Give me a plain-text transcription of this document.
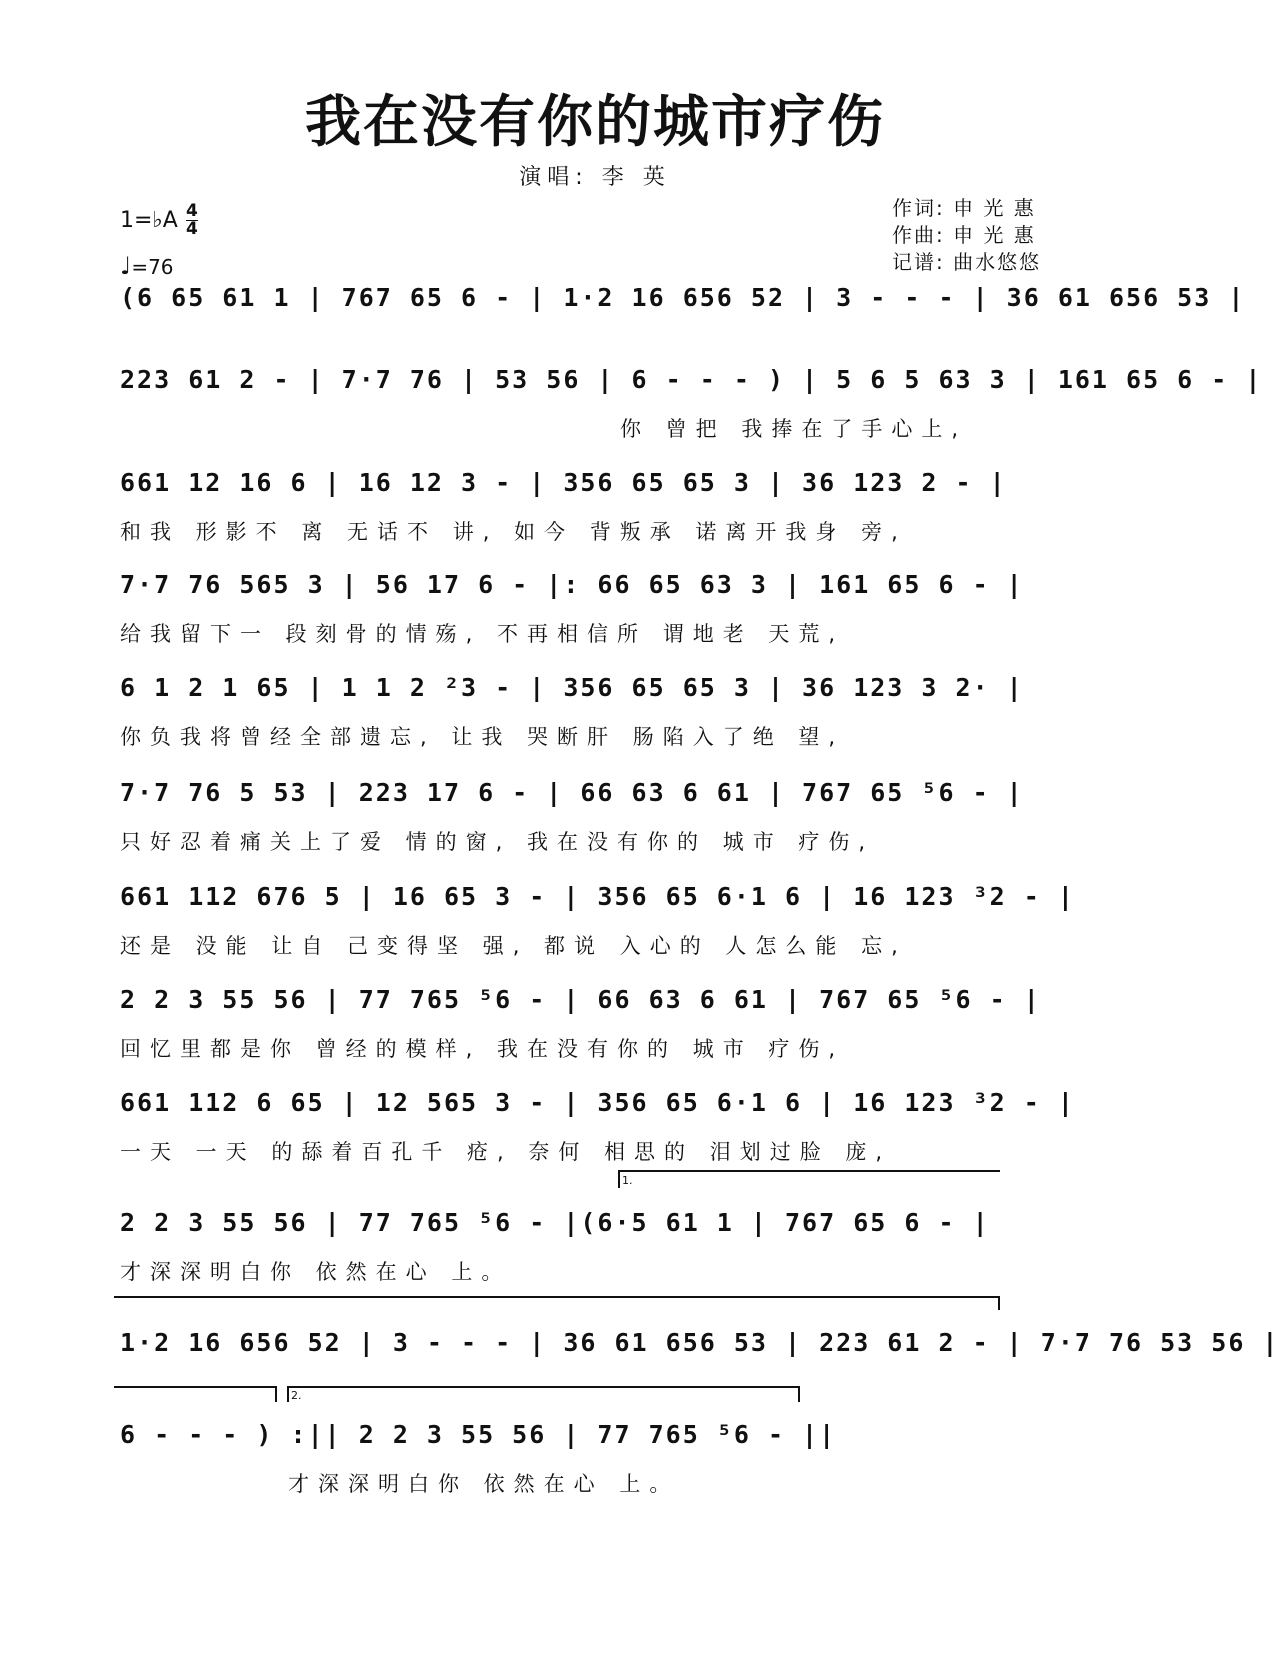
我在没有你的城市疗伤
演唱: 李 英
1=♭A 4
4
♩=76
作词: 申 光 惠
作曲: 申 光 惠
记谱: 曲水悠悠
(6 65 61 1 | 767 65 6 - | 1·2 16 656 52 | 3 - - - | 36 61 656 53 |
223 61 2 - | 7·7 76 | 53 56 | 6 - - - ) | 5 6 5 63 3 | 161 65 6 - |
你 曾把 我捧在了手心上,
661 12 16 6 | 16 12 3 - | 356 65 65 3 | 36 123 2 - |
和我 形影不 离 无话不 讲, 如今 背叛承 诺离开我身 旁,
7·7 76 565 3 | 56 17 6 - |: 66 65 63 3 | 161 65 6 - |
给我留下一 段刻骨的情殇, 不再相信所 谓地老 天荒,
6 1 2 1 65 | 1 1 2 ²3 - | 356 65 65 3 | 36 123 3 2· |
你负我将曾经全部遗忘, 让我 哭断肝 肠陷入了绝 望,
7·7 76 5 53 | 223 17 6 - | 66 63 6 61 | 767 65 ⁵6 - |
只好忍着痛关上了爱 情的窗, 我在没有你的 城市 疗伤,
661 112 676 5 | 16 65 3 - | 356 65 6·1 6 | 16 123 ³2 - |
还是 没能 让自 己变得坚 强, 都说 入心的 人怎么能 忘,
2 2 3 55 56 | 77 765 ⁵6 - | 66 63 6 61 | 767 65 ⁵6 - |
回忆里都是你 曾经的模样, 我在没有你的 城市 疗伤,
661 112 6 65 | 12 565 3 - | 356 65 6·1 6 | 16 123 ³2 - |
一天 一天 的舔着百孔千 疮, 奈何 相思的 泪划过脸 庞,
1.
2 2 3 55 56 | 77 765 ⁵6 - |(6·5 61 1 | 767 65 6 - |
才深深明白你 依然在心 上。
1·2 16 656 52 | 3 - - - | 36 61 656 53 | 223 61 2 - | 7·7 76 53 56 |
2.
6 - - - ) :|| 2 2 3 55 56 | 77 765 ⁵6 - ||
才深深明白你 依然在心 上。
